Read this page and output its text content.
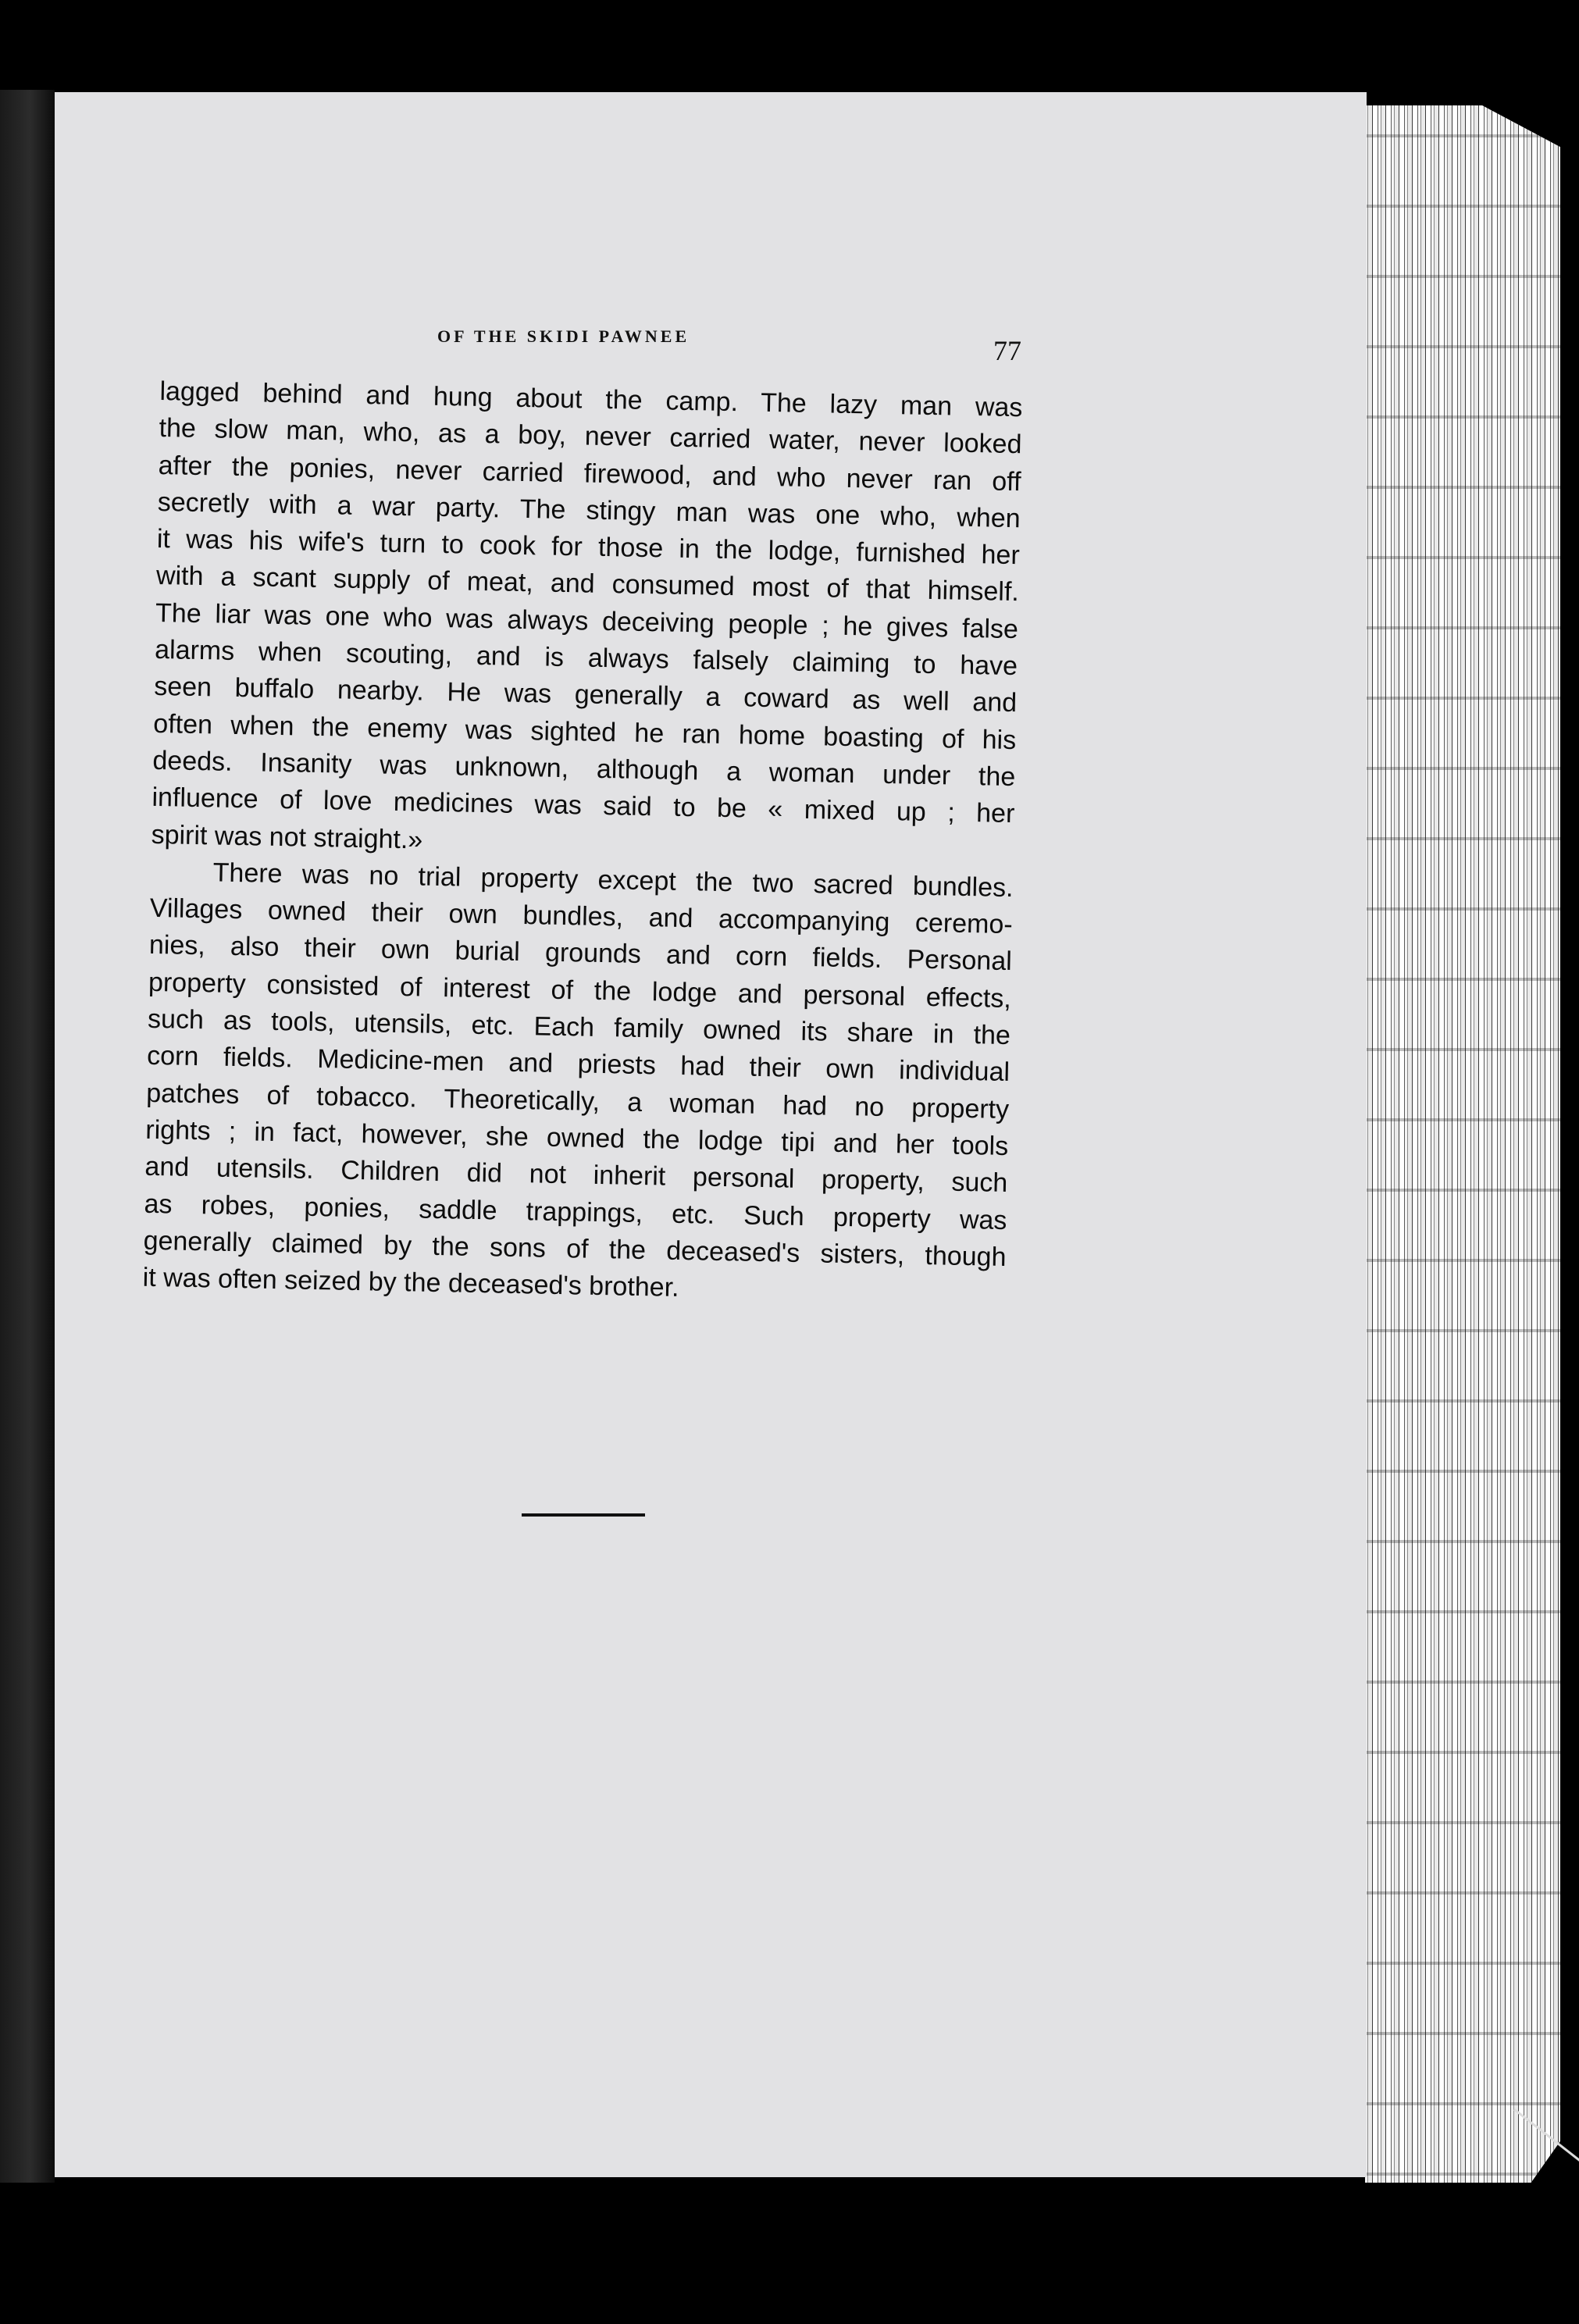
OF THE SKIDI PAWNEE	77
lagged behind and hung about the camp. The lazy man was
the slow man, who, as a boy, never carried water, never looked
after the ponies, never carried firewood, and who never ran off
secretly with a war party. The stingy man was one who, when
it was his wife's turn to cook for those in the lodge, furnished her
with a scant supply of meat, and consumed most of that himself.
The liar was one who was always deceiving people ; he gives false
alarms when scouting, and is always falsely claiming to have
seen buffalo nearby. He was generally a coward as well and
often when the enemy was sighted he ran home boasting of his
deeds. Insanity was unknown, although a woman under the
influence of love medicines was said to be « mixed up ; her
spirit was not straight.»
There was no trial property except the two sacred bundles.
Villages owned their own bundles, and accompanying ceremo-
nies, also their own burial grounds and corn fields. Personal
property consisted of interest of the lodge and personal effects,
such as tools, utensils, etc. Each family owned its share in the
corn fields. Medicine-men and priests had their own individual
patches of tobacco. Theoretically, a woman had no property
rights ; in fact, however, she owned the lodge tipi and her tools
and utensils. Children did not inherit personal property, such
as robes, ponies, saddle trappings, etc. Such property was
generally claimed by the sons of the deceased's sisters, though
it was often seized by the deceased's brother.
